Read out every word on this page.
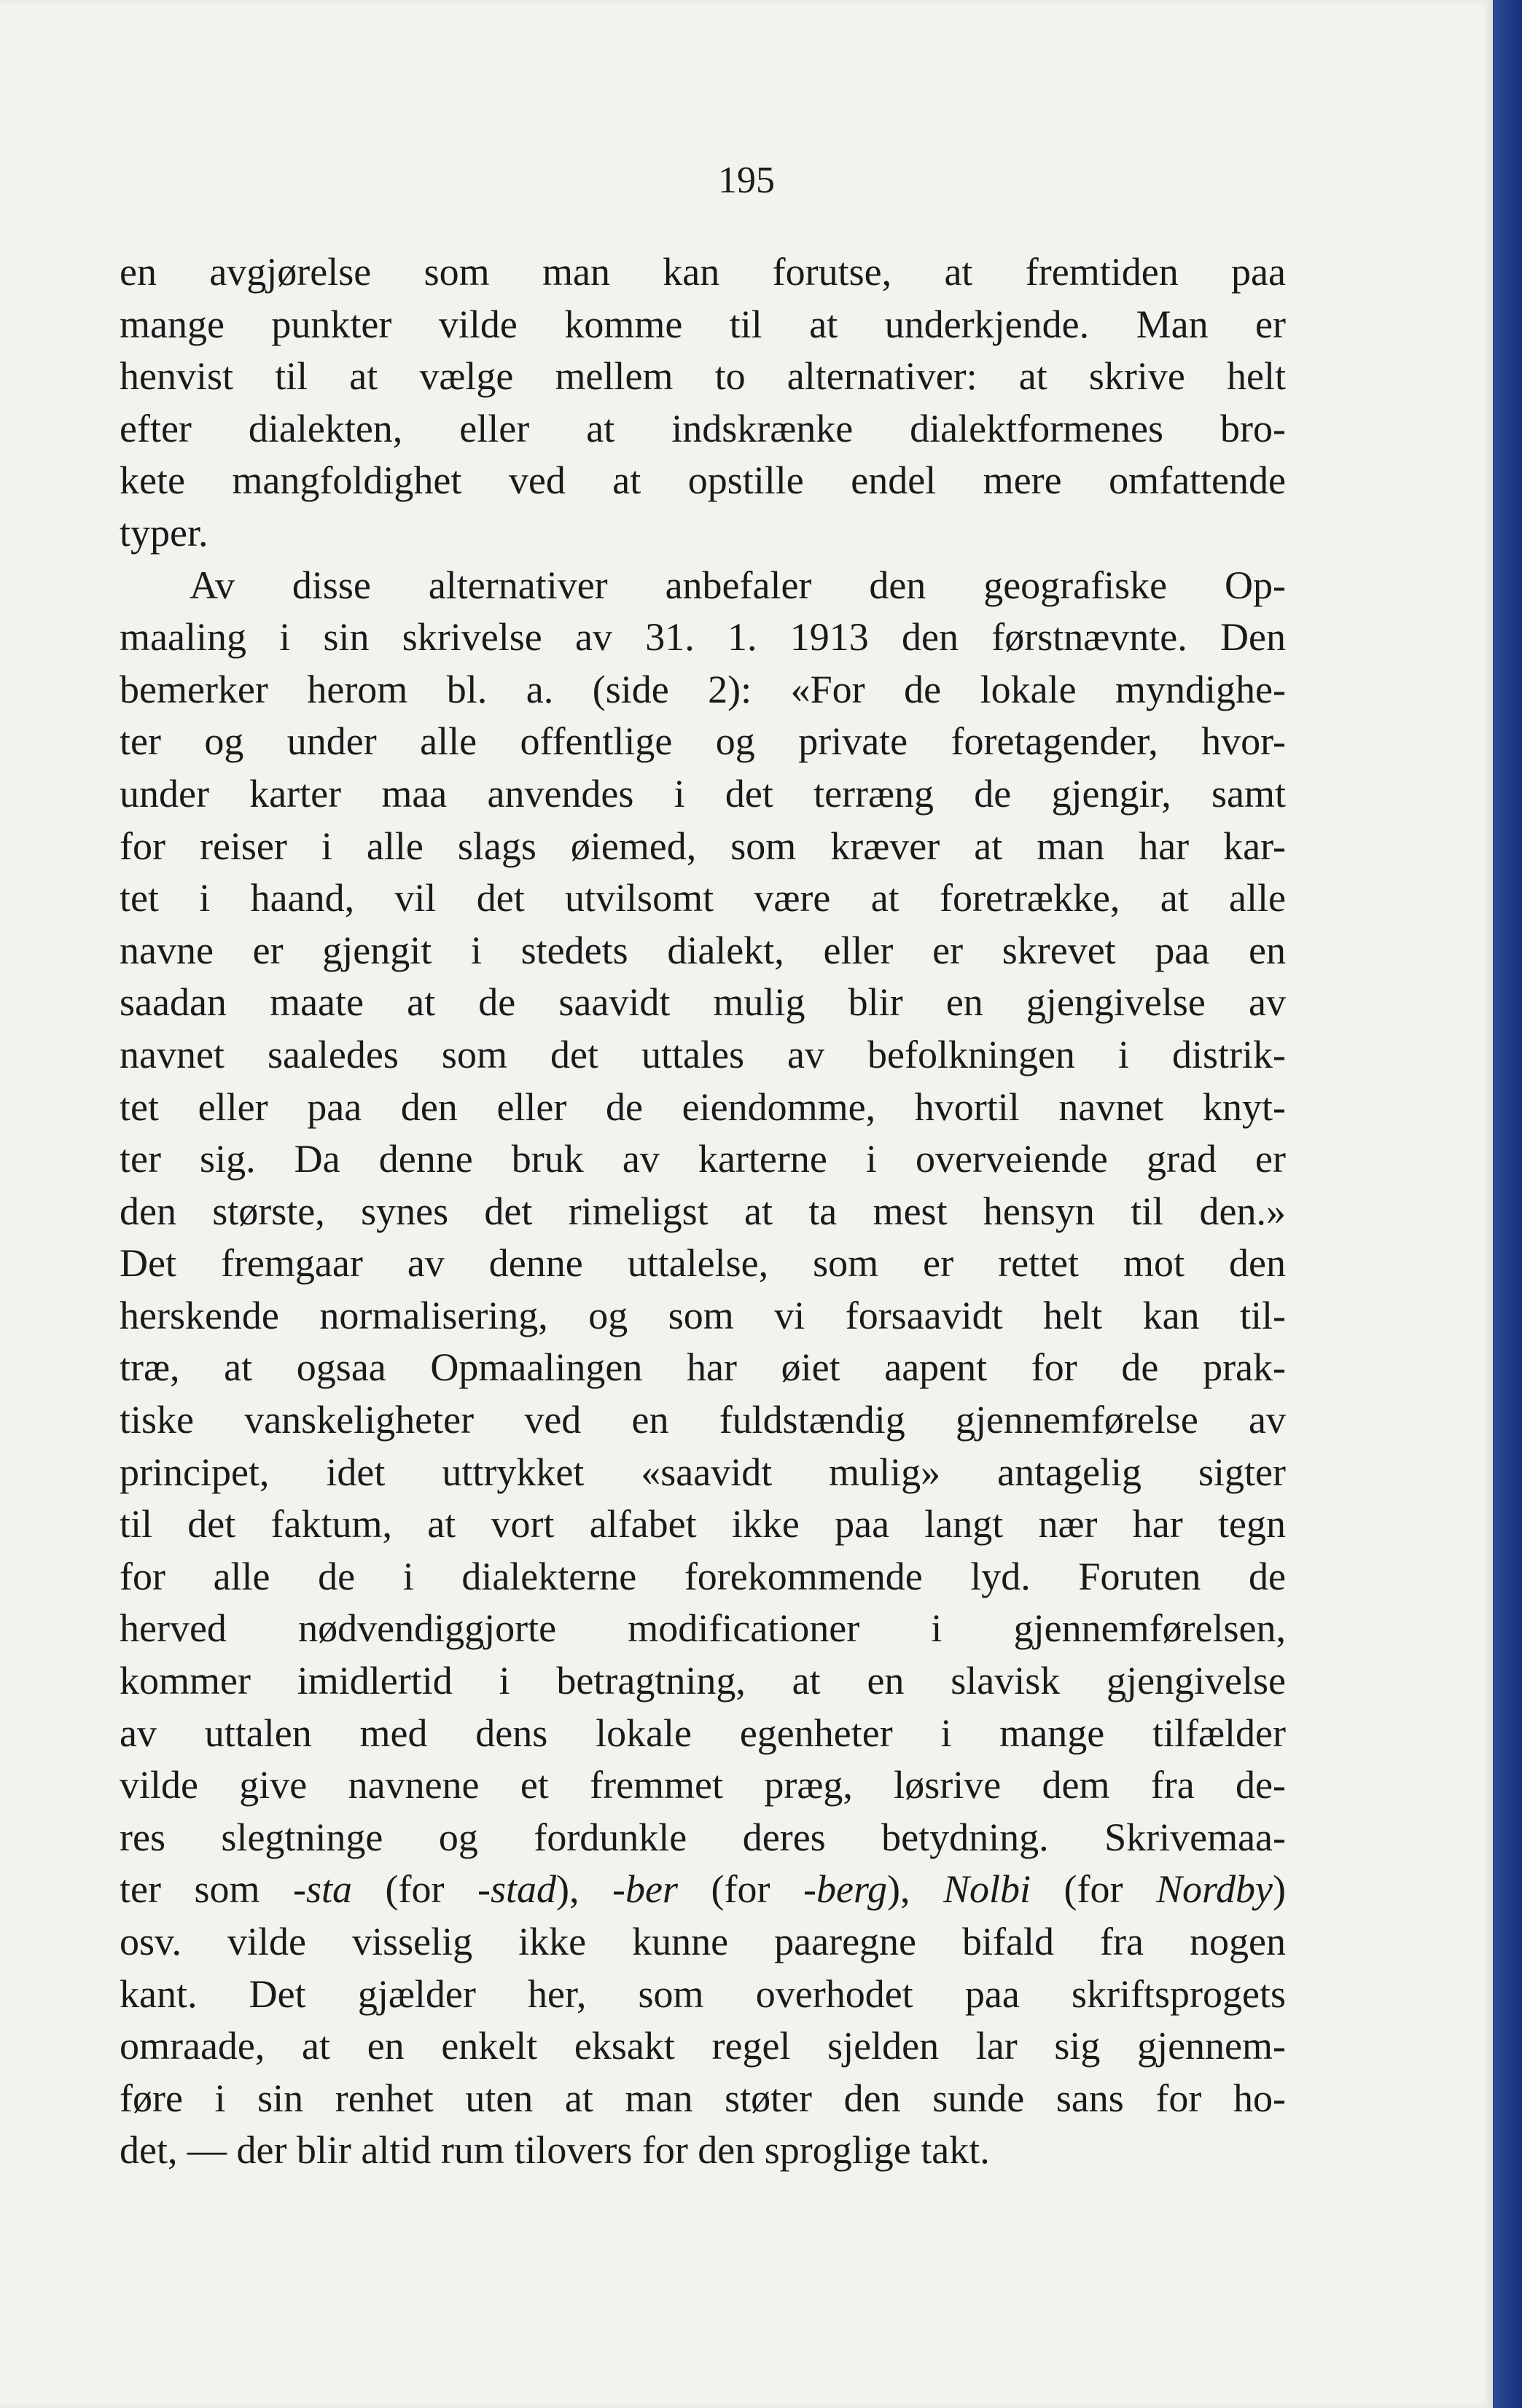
195
en avgjørelse som man kan forutse, at fremtiden paa
mange punkter vilde komme til at underkjende. Man er
henvist til at vælge mellem to alternativer: at skrive helt
efter dialekten, eller at indskrænke dialektformenes bro-
kete mangfoldighet ved at opstille endel mere omfattende
typer.
Av disse alternativer anbefaler den geografiske Op-
maaling i sin skrivelse av 31. 1. 1913 den førstnævnte. Den
bemerker herom bl. a. (side 2): «For de lokale myndighe-
ter og under alle offentlige og private foretagender, hvor-
under karter maa anvendes i det terræng de gjengir, samt
for reiser i alle slags øiemed, som kræver at man har kar-
tet i haand, vil det utvilsomt være at foretrække, at alle
navne er gjengit i stedets dialekt, eller er skrevet paa en
saadan maate at de saavidt mulig blir en gjengivelse av
navnet saaledes som det uttales av befolkningen i distrik-
tet eller paa den eller de eiendomme, hvortil navnet knyt-
ter sig. Da denne bruk av karterne i overveiende grad er
den største, synes det rimeligst at ta mest hensyn til den.»
Det fremgaar av denne uttalelse, som er rettet mot den
herskende normalisering, og som vi forsaavidt helt kan til-
træ, at ogsaa Opmaalingen har øiet aapent for de prak-
tiske vanskeligheter ved en fuldstændig gjennemførelse av
principet, idet uttrykket «saavidt mulig» antagelig sigter
til det faktum, at vort alfabet ikke paa langt nær har tegn
for alle de i dialekterne forekommende lyd. Foruten de
herved nødvendiggjorte modificationer i gjennemførelsen,
kommer imidlertid i betragtning, at en slavisk gjengivelse
av uttalen med dens lokale egenheter i mange tilfælder
vilde give navnene et fremmet præg, løsrive dem fra de-
res slegtninge og fordunkle deres betydning. Skrivemaa-
ter som -sta (for -stad), -ber (for -berg), Nolbi (for Nordby)
osv. vilde visselig ikke kunne paaregne bifald fra nogen
kant. Det gjælder her, som overhodet paa skriftsprogets
omraade, at en enkelt eksakt regel sjelden lar sig gjennem-
føre i sin renhet uten at man støter den sunde sans for ho-
det, — der blir altid rum tilovers for den sproglige takt.
